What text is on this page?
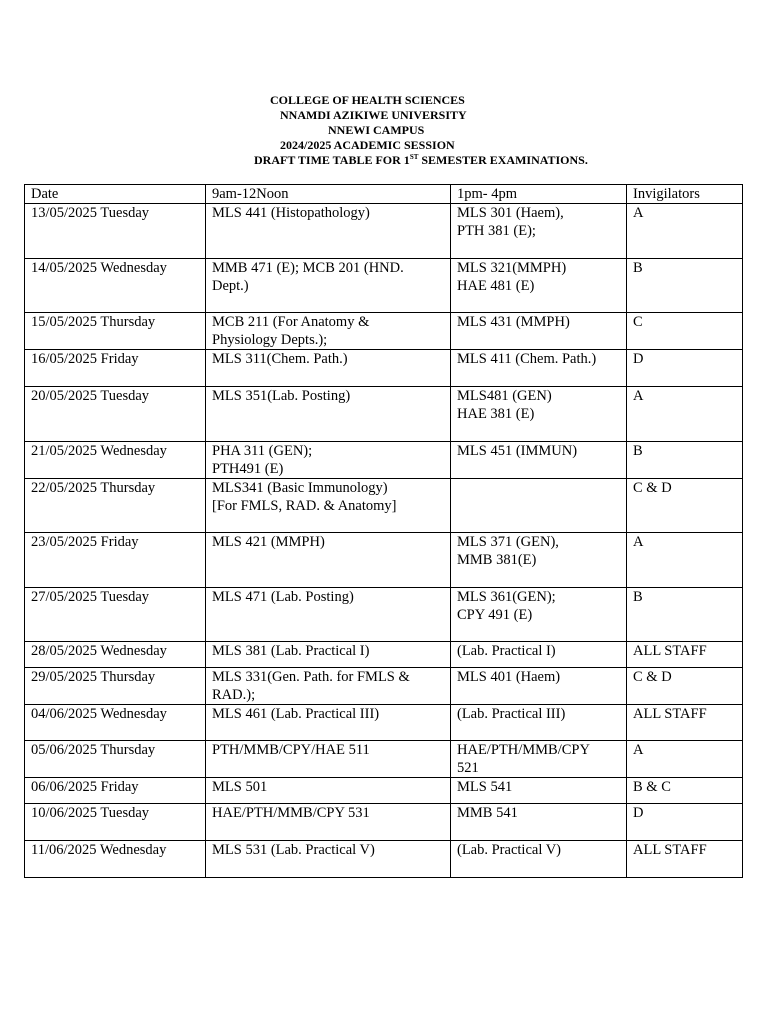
COLLEGE OF HEALTH SCIENCES
NNAMDI AZIKIWE UNIVERSITY
NNEWI CAMPUS
2024/2025 ACADEMIC SESSION
DRAFT TIME TABLE FOR 1ST SEMESTER EXAMINATIONS.
Date	9am-12Noon	1pm- 4pm	Invigilators
13/05/2025 Tuesday	MLS 441 (Histopathology)	MLS 301 (Haem),
PTH 381 (E);	A
14/05/2025 Wednesday	MMB 471 (E); MCB 201 (HND.
Dept.)	MLS 321(MMPH)
HAE 481 (E)	B
15/05/2025 Thursday	MCB 211 (For Anatomy &
Physiology Depts.);	MLS 431 (MMPH)	C
16/05/2025 Friday	MLS 311(Chem. Path.)	MLS 411 (Chem. Path.)	D
20/05/2025 Tuesday	MLS 351(Lab. Posting)	MLS481 (GEN)
HAE 381 (E)	A
21/05/2025 Wednesday	PHA 311 (GEN);
PTH491 (E)	MLS 451 (IMMUN)	B
22/05/2025 Thursday	MLS341 (Basic Immunology)
[For FMLS, RAD. & Anatomy]		C & D
23/05/2025 Friday	MLS 421 (MMPH)	MLS 371 (GEN),
MMB 381(E)	A
27/05/2025 Tuesday	MLS 471 (Lab. Posting)	MLS 361(GEN);
CPY 491 (E)	B
28/05/2025 Wednesday	MLS 381 (Lab. Practical I)	(Lab. Practical I)	ALL STAFF
29/05/2025 Thursday	MLS 331(Gen. Path. for FMLS &
RAD.);	MLS 401 (Haem)	C & D
04/06/2025 Wednesday	MLS 461 (Lab. Practical III)	(Lab. Practical III)	ALL STAFF
05/06/2025 Thursday	PTH/MMB/CPY/HAE 511	HAE/PTH/MMB/CPY
521	A
06/06/2025 Friday	MLS 501	MLS 541	B & C
10/06/2025 Tuesday	HAE/PTH/MMB/CPY 531	MMB 541	D
11/06/2025 Wednesday	MLS 531 (Lab. Practical V)	(Lab. Practical V)	ALL STAFF
